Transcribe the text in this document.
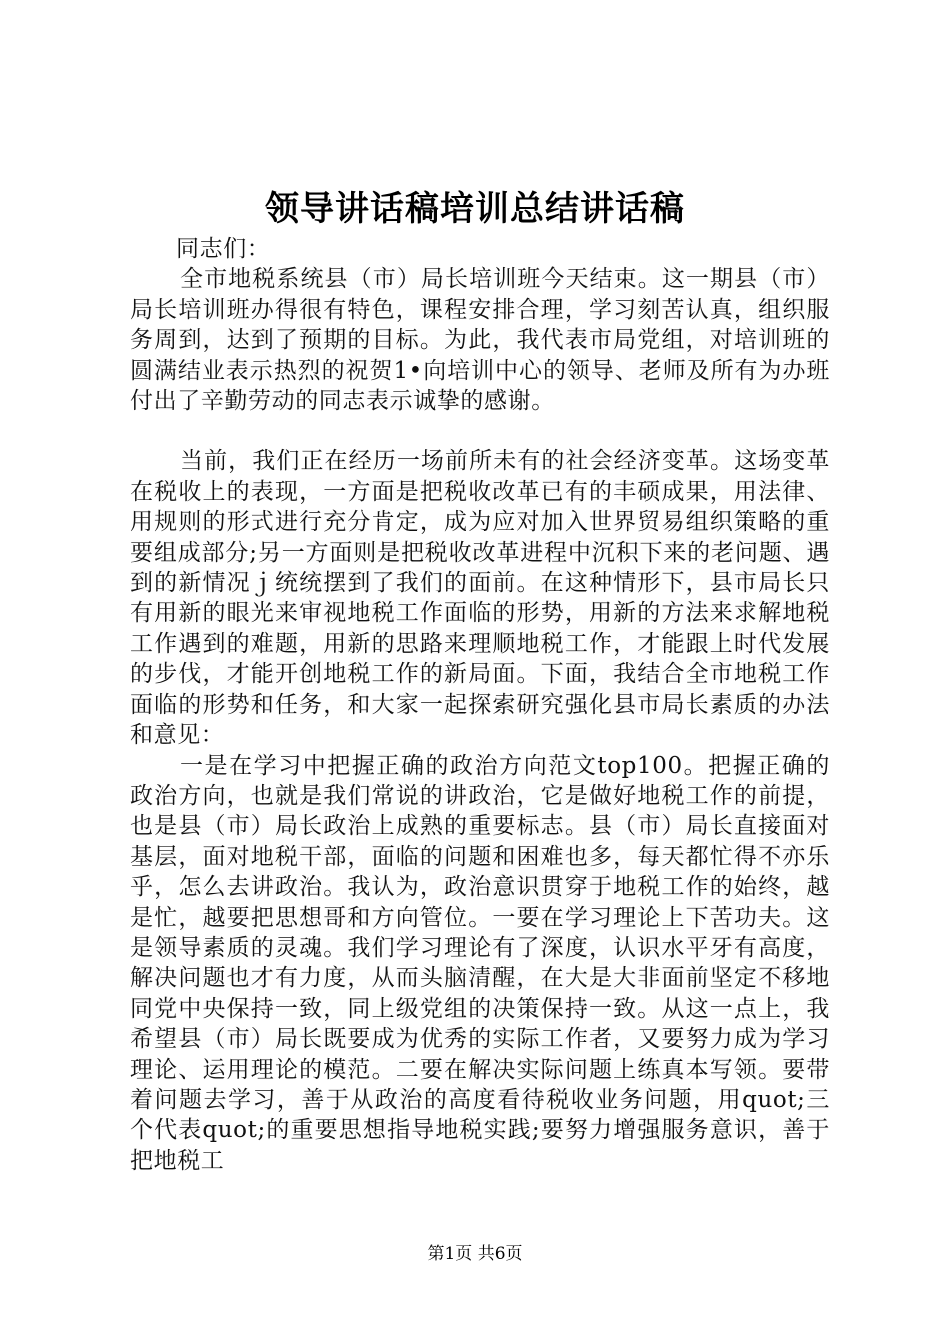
领导讲话稿培训总结讲话稿

同志们：

全市地税系统县（市）局长培训班今天结束。这一期县（市）局长培训班办得很有特色，课程安排合理，学习刻苦认真，组织服务周到，达到了预期的目标。为此，我代表市局党组，对培训班的圆满结业表示热烈的祝贺1•向培训中心的领导、老师及所有为办班付出了辛勤劳动的同志表示诚挚的感谢。

当前，我们正在经历一场前所未有的社会经济变革。这场变革在税收上的表现，一方面是把税收改革已有的丰硕成果，用法律、用规则的形式进行充分肯定，成为应对加入世界贸易组织策略的重要组成部分;另一方面则是把税收改革进程中沉积下来的老问题、遇到的新情况ｊ统统摆到了我们的面前。在这种情形下，县市局长只有用新的眼光来审视地税工作面临的形势，用新的方法来求解地税工作遇到的难题，用新的思路来理顺地税工作，才能跟上时代发展的步伐，才能开创地税工作的新局面。下面，我结合全市地税工作面临的形势和任务，和大家一起探索研究强化县市局长素质的办法和意见：

一是在学习中把握正确的政治方向范文top100。把握正确的政治方向，也就是我们常说的讲政治，它是做好地税工作的前提，也是县（市）局长政治上成熟的重要标志。县（市）局长直接面对基层，面对地税干部，面临的问题和困难也多，每天都忙得不亦乐乎，怎么去讲政治。我认为，政治意识贯穿于地税工作的始终，越是忙，越要把思想哥和方向管位。一要在学习理论上下苦功夫。这是领导素质的灵魂。我们学习理论有了深度，认识水平牙有高度，解决问题也才有力度，从而头脑清醒，在大是大非面前坚定不移地同党中央保持一致，同上级党组的决策保持一致。从这一点上，我希望县（市）局长既要成为优秀的实际工作者，又要努力成为学习理论、运用理论的模范。二要在解决实际问题上练真本写领。要带着问题去学习，善于从政治的高度看待税收业务问题，用quot;三个代表quot;的重要思想指导地税实践;要努力增强服务意识，善于把地税工

第1页 共6页
